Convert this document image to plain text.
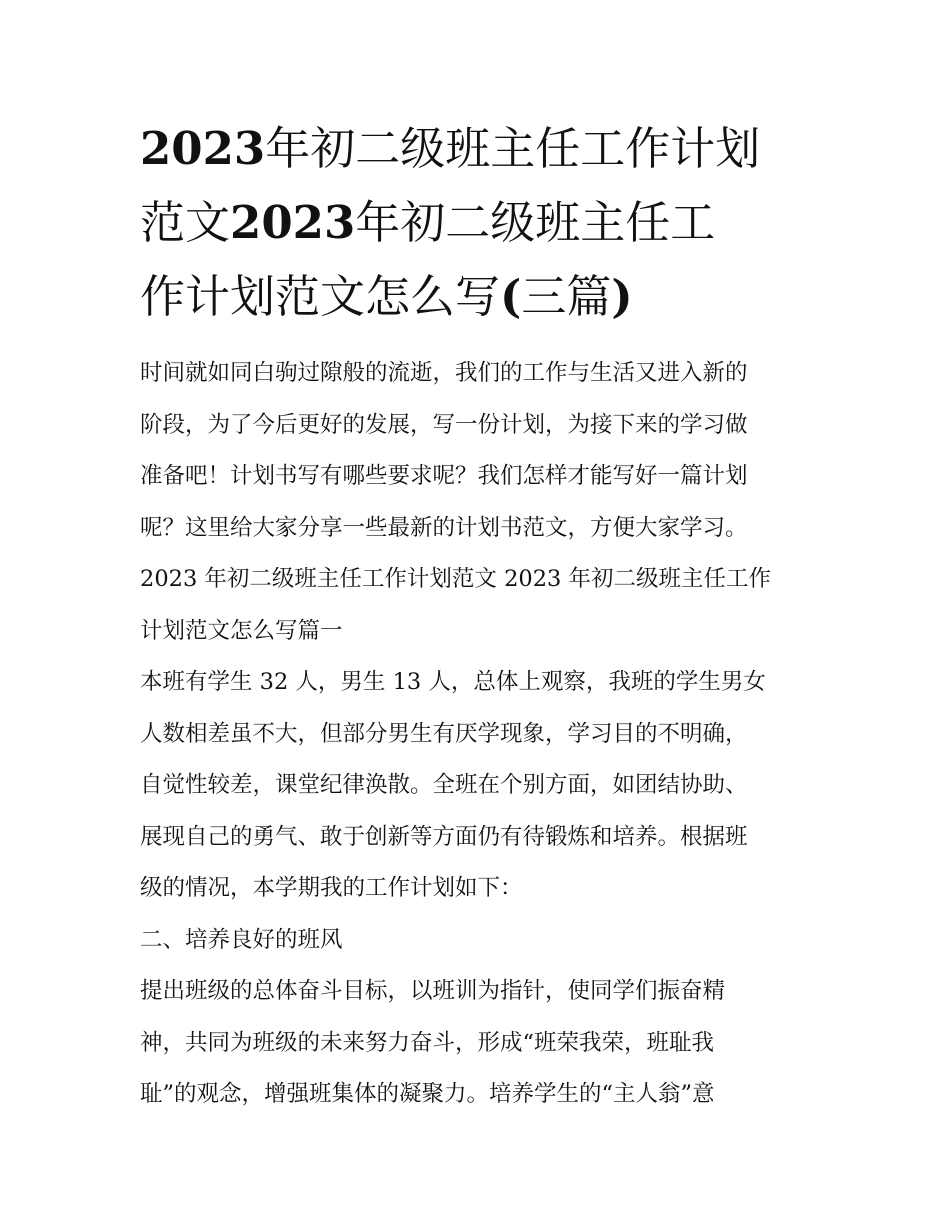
2023年初二级班主任工作计划
范文2023年初二级班主任工
作计划范文怎么写(三篇)
时间就如同白驹过隙般的流逝，我们的工作与生活又进入新的
阶段，为了今后更好的发展，写一份计划，为接下来的学习做
准备吧！计划书写有哪些要求呢？我们怎样才能写好一篇计划
呢？这里给大家分享一些最新的计划书范文，方便大家学习。
2023 年初二级班主任工作计划范文 2023 年初二级班主任工作
计划范文怎么写篇一
本班有学生 32 人，男生 13 人，总体上观察，我班的学生男女
人数相差虽不大，但部分男生有厌学现象，学习目的不明确，
自觉性较差，课堂纪律涣散。全班在个别方面，如团结协助、
展现自己的勇气、敢于创新等方面仍有待锻炼和培养。根据班
级的情况，本学期我的工作计划如下：
二、培养良好的班风
提出班级的总体奋斗目标，以班训为指针，使同学们振奋精
神，共同为班级的未来努力奋斗，形成“班荣我荣，班耻我
耻”的观念，增强班集体的凝聚力。培养学生的“主人翁”意
